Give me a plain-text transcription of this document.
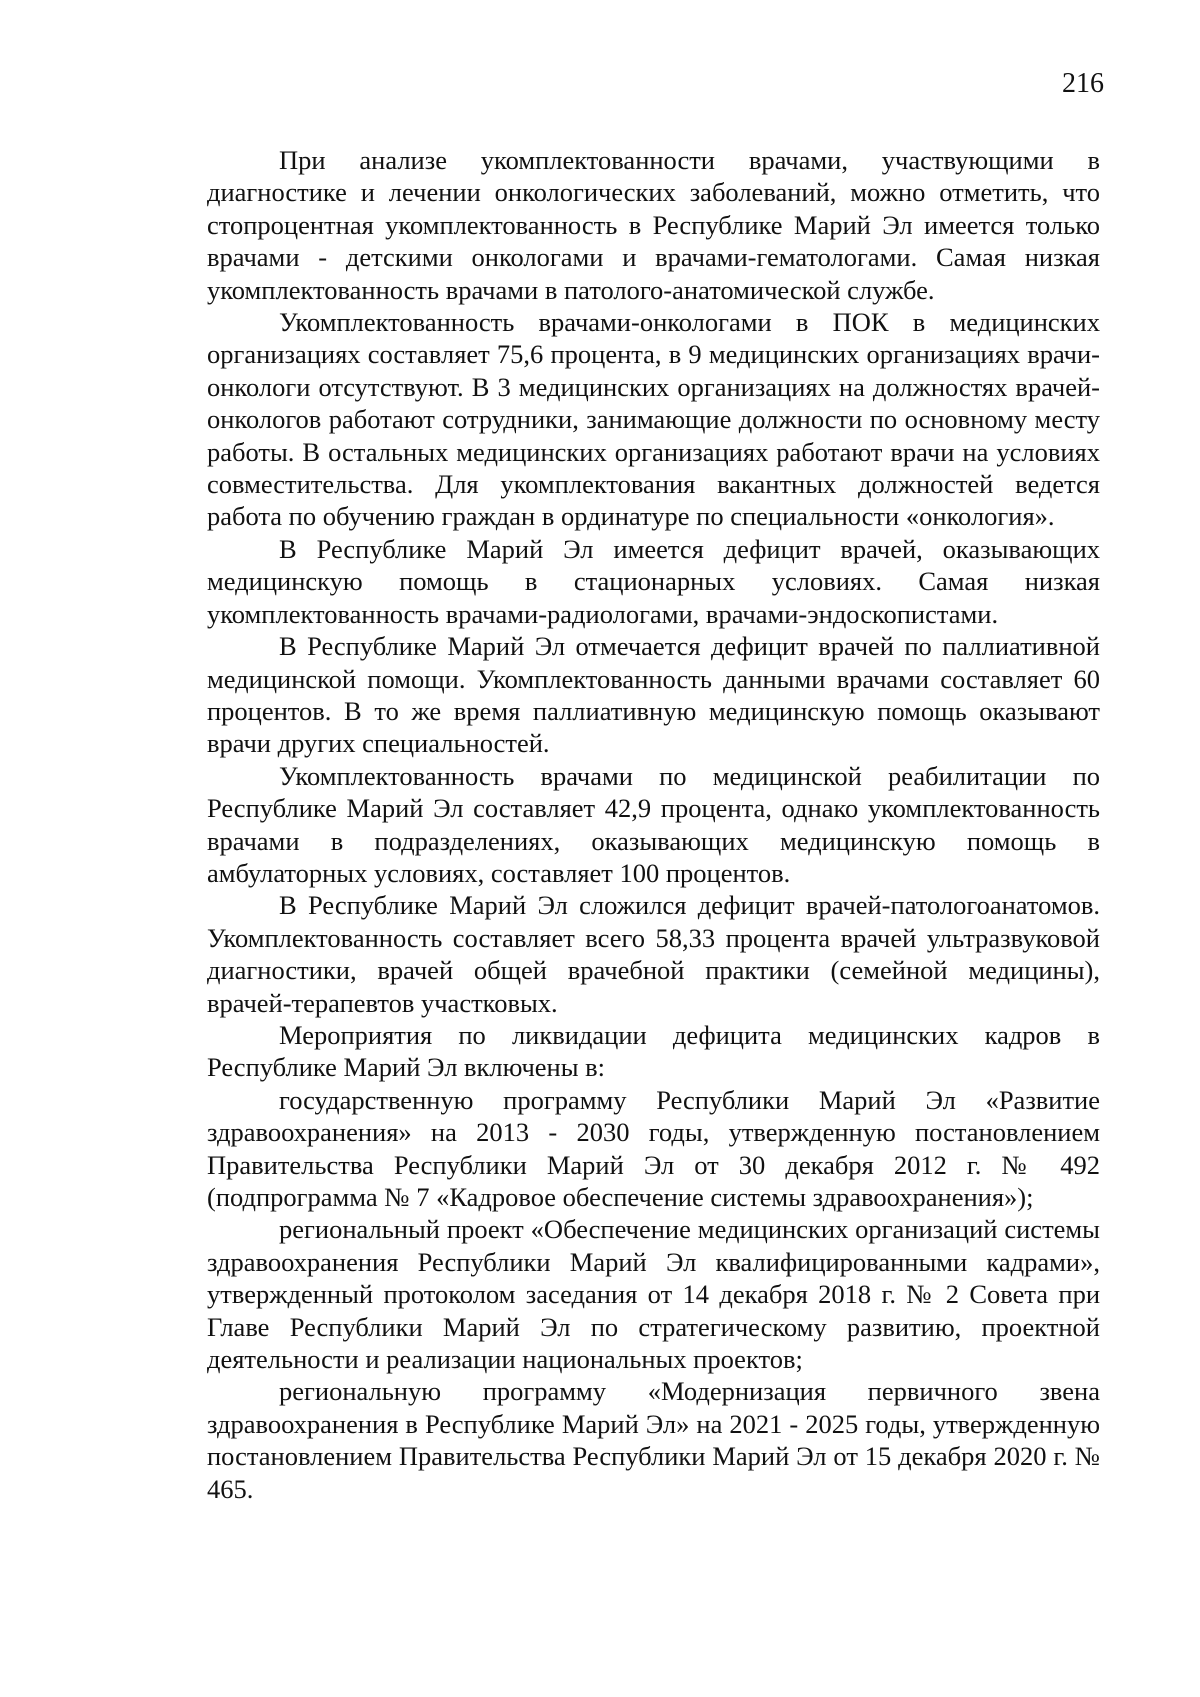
216

При анализе укомплектованности врачами, участвующими в диагностике и лечении онкологических заболеваний, можно отметить, что стопроцентная укомплектованность в Республике Марий Эл имеется только врачами - детскими онкологами и врачами-гематологами. Самая низкая укомплектованность врачами в патолого-анатомической службе.

Укомплектованность врачами-онкологами в ПОК в медицинских организациях составляет 75,6 процента, в 9 медицинских организациях врачи-онкологи отсутствуют. В 3 медицинских организациях на должностях врачей-онкологов работают сотрудники, занимающие должности по основному месту работы. В остальных медицинских организациях работают врачи на условиях совместительства. Для укомплектования вакантных должностей ведется работа по обучению граждан в ординатуре по специальности «онкология».

В Республике Марий Эл имеется дефицит врачей, оказывающих медицинскую помощь в стационарных условиях. Самая низкая укомплектованность врачами-радиологами, врачами-эндоскопистами.

В Республике Марий Эл отмечается дефицит врачей по паллиативной медицинской помощи. Укомплектованность данными врачами составляет 60 процентов. В то же время паллиативную медицинскую помощь оказывают врачи других специальностей.

Укомплектованность врачами по медицинской реабилитации по Республике Марий Эл составляет 42,9 процента, однако укомплектованность врачами в подразделениях, оказывающих медицинскую помощь в амбулаторных условиях, составляет 100 процентов.

В Республике Марий Эл сложился дефицит врачей-патологоанатомов. Укомплектованность составляет всего 58,33 процента врачей ультразвуковой диагностики, врачей общей врачебной практики (семейной медицины), врачей-терапевтов участковых.

Мероприятия по ликвидации дефицита медицинских кадров в Республике Марий Эл включены в:

государственную программу Республики Марий Эл «Развитие здравоохранения» на 2013 - 2030 годы, утвержденную постановлением Правительства Республики Марий Эл от 30 декабря 2012 г. № 492 (подпрограмма № 7 «Кадровое обеспечение системы здравоохранения»);

региональный проект «Обеспечение медицинских организаций системы здравоохранения Республики Марий Эл квалифицированными кадрами», утвержденный протоколом заседания от 14 декабря 2018 г. № 2 Совета при Главе Республики Марий Эл по стратегическому развитию, проектной деятельности и реализации национальных проектов;

региональную программу «Модернизация первичного звена здравоохранения в Республике Марий Эл» на 2021 - 2025 годы, утвержденную постановлением Правительства Республики Марий Эл от 15 декабря 2020 г. № 465.
